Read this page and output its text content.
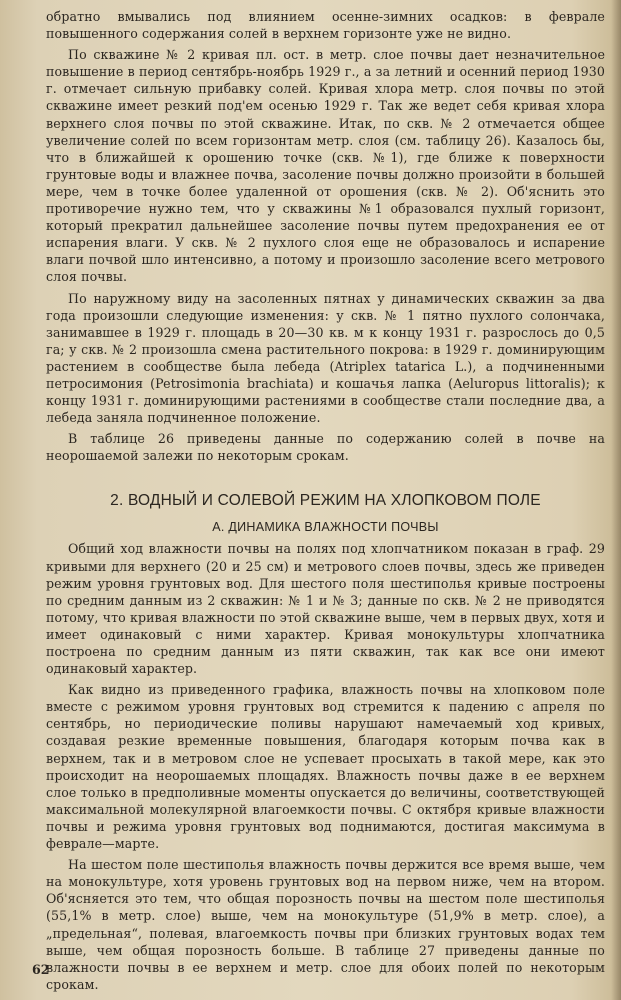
обратно вмывались под влиянием осенне-зимних осадков: в феврале повышенного содержания солей в верхнем горизонте уже не видно.

По скважине № 2 кривая пл. ост. в метр. слое почвы дает незначительное повышение в период сентябрь-ноябрь 1929 г., а за летний и осенний период 1930 г. отмечает сильную прибавку солей. Кривая хлора метр. слоя почвы по этой скважине имеет резкий под'ем осенью 1929 г. Так же ведет себя кривая хлора верхнего слоя почвы по этой скважине. Итак, по скв. № 2 отмечается общее увеличение солей по всем горизонтам метр. слоя (см. таблицу 26). Казалось бы, что в ближайшей к орошению точке (скв. №1), где ближе к поверхности грунтовые воды и влажнее почва, засоление почвы должно произойти в большей мере, чем в точке более удаленной от орошения (скв. № 2). Об'яснить это противоречие нужно тем, что у скважины №1 образовался пухлый горизонт, который прекратил дальнейшее засоление почвы путем предохранения ее от испарения влаги. У скв. № 2 пухлого слоя еще не образовалось и испарение влаги почвой шло интенсивно, а потому и произошло засоление всего метрового слоя почвы.

По наружному виду на засоленных пятнах у динамических скважин за два года произошли следующие изменения: у скв. № 1 пятно пухлого солончака, занимавшее в 1929 г. площадь в 20—30 кв. м к концу 1931 г. разрослось до 0,5 га; у скв. № 2 произошла смена растительного покрова: в 1929 г. доминирующим растением в сообществе была лебеда (Atriplex tatarica L.), а подчиненными петросимония (Petrosimonia brachiata) и кошачья лапка (Aeluropus littoralis); к концу 1931 г. доминирующими растениями в сообществе стали последние два, а лебеда заняла подчиненное положение.

В таблице 26 приведены данные по содержанию солей в почве на неорошаемой залежи по некоторым срокам.

2. ВОДНЫЙ И СОЛЕВОЙ РЕЖИМ НА ХЛОПКОВОМ ПОЛЕ
А. ДИНАМИКА ВЛАЖНОСТИ ПОЧВЫ

Общий ход влажности почвы на полях под хлопчатником показан в граф. 29 кривыми для верхнего (20 и 25 см) и метрового слоев почвы, здесь же приведен режим уровня грунтовых вод. Для шестого поля шестиполья кривые построены по средним данным из 2 скважин: № 1 и № 3; данные по скв. № 2 не приводятся потому, что кривая влажности по этой скважине выше, чем в первых двух, хотя и имеет одинаковый с ними характер. Кривая монокультуры хлопчатника построена по средним данным из пяти скважин, так как все они имеют одинаковый характер.

Как видно из приведенного графика, влажность почвы на хлопковом поле вместе с режимом уровня грунтовых вод стремится к падению с апреля по сентябрь, но периодические поливы нарушают намечаемый ход кривых, создавая резкие временные повышения, благодаря которым почва как в верхнем, так и в метровом слое не успевает просыхать в такой мере, как это происходит на неорошаемых площадях. Влажность почвы даже в ее верхнем слое только в предполивные моменты опускается до величины, соответствующей максимальной молекулярной влагоемкости почвы. С октября кривые влажности почвы и режима уровня грунтовых вод поднимаются, достигая максимума в феврале—марте.

На шестом поле шестиполья влажность почвы держится все время выше, чем на монокультуре, хотя уровень грунтовых вод на первом ниже, чем на втором. Об'ясняется это тем, что общая порозность почвы на шестом поле шестиполья (55,1% в метр. слое) выше, чем на монокультуре (51,9% в метр. слое), а „предельная“, полевая, влагоемкость почвы при близких грунтовых водах тем выше, чем общая порозность больше. В таблице 27 приведены данные по влажности почвы в ее верхнем и метр. слое для обоих полей по некоторым срокам.

62
